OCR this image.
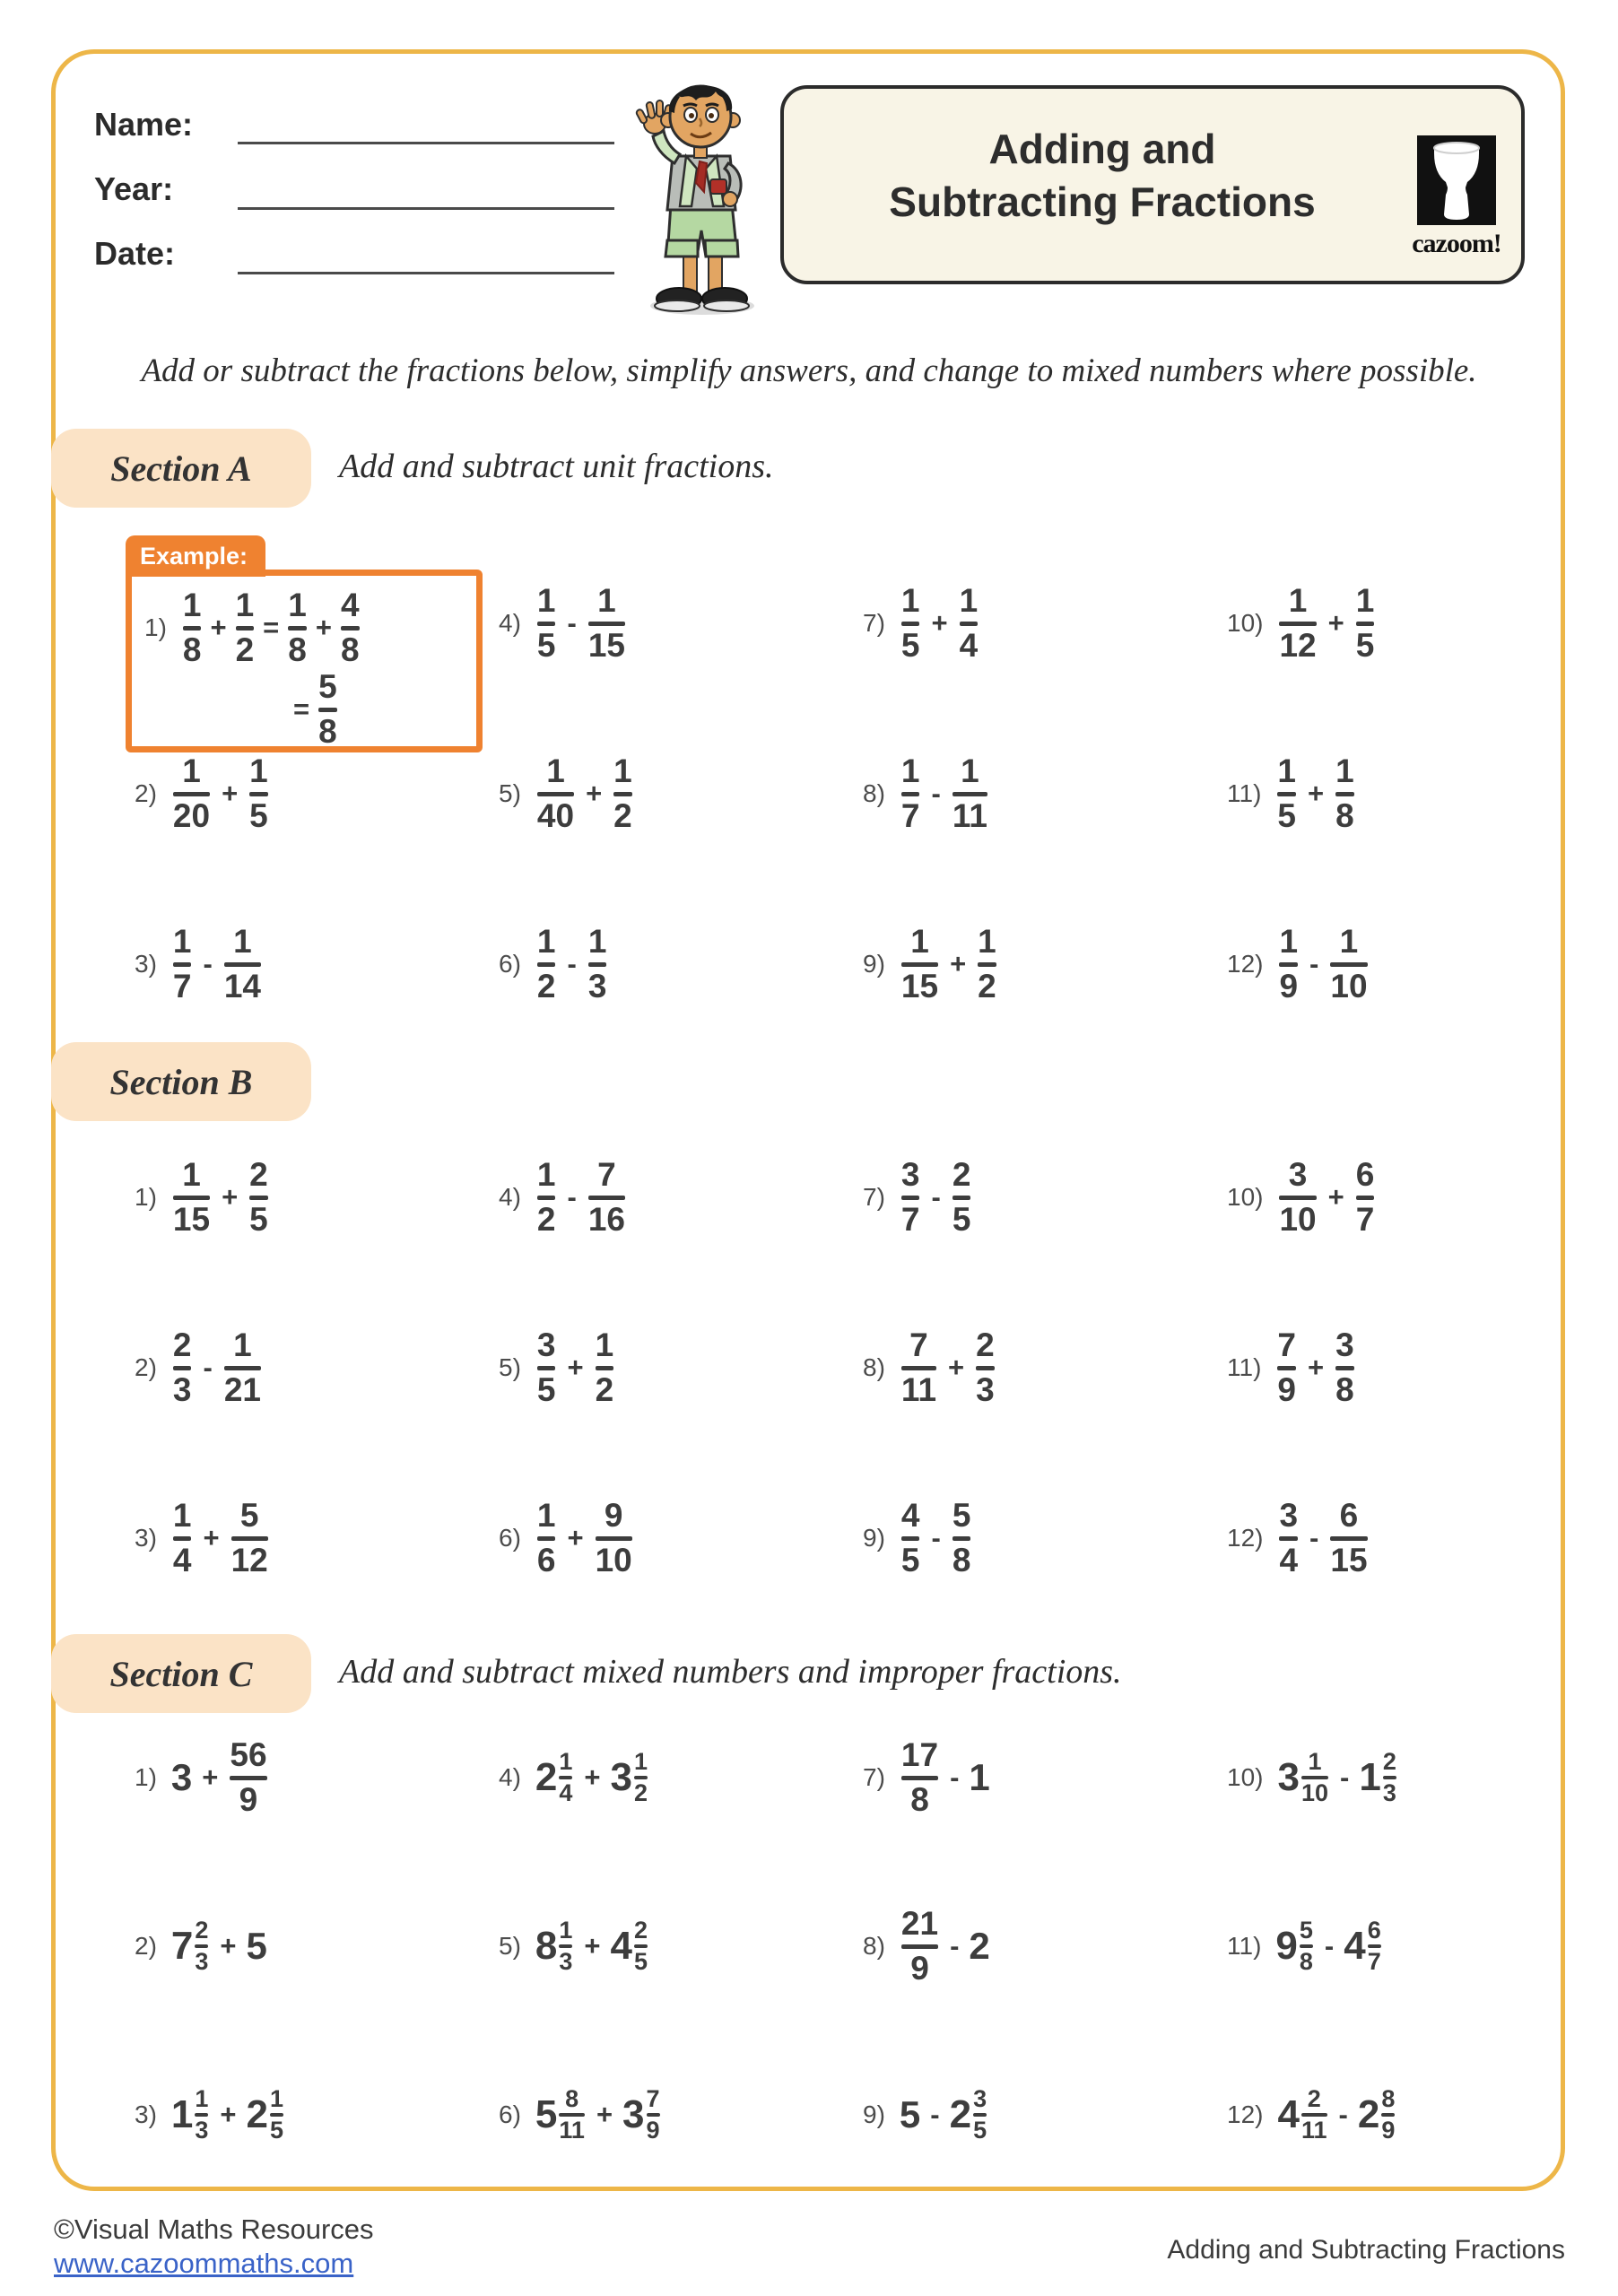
Name:
Year:
Date:
Adding and
Subtracting Fractions
cazoom!
Add or subtract the fractions below, simplify answers, and change to mixed numbers where possible.
Section A	Add and subtract unit fractions.
Example:
1)
1
8
+
1
2
=
1
8
+
4
8
=
5
8
2)
1
20
+
1
5
3)
1
7
-
1
14
4)
1
5
-
1
15
5)
1
40
+
1
2
6)
1
2
-
1
3
7)
1
5
+
1
4
8)
1
7
-
1
11
9)
1
15
+
1
2
10)
1
12
+
1
5
11)
1
5
+
1
8
12)
1
9
-
1
10
Section B
1)
1
15
+
2
5
2)
2
3
-
1
21
3)
1
4
+
5
12
4)
1
2
-
7
16
5)
3
5
+
1
2
6)
1
6
+
9
10
7)
3
7
-
2
5
8)
7
11
+
2
3
9)
4
5
-
5
8
10)
3
10
+
6
7
11)
7
9
+
3
8
12)
3
4
-
6
15
Section C	Add and subtract mixed numbers and improper fractions.
1) 3 +
56
9
2) 7 2
3 + 5
3) 1 1
3 + 2 1
5
4) 2 1
4 + 3 1
2
5) 8 1
3 + 4 2
5
6) 5 8
11 + 3 7
9
7)
17
8
- 1
8)
21
9
- 2
9) 5 - 2 3
5
10) 3 1
10 - 1 2
3
11) 9 5
8 - 4 6
7
12) 4 2
11 - 2 8
9
©Visual Maths Resources
www.cazoommaths.com	Adding and Subtracting Fractions
